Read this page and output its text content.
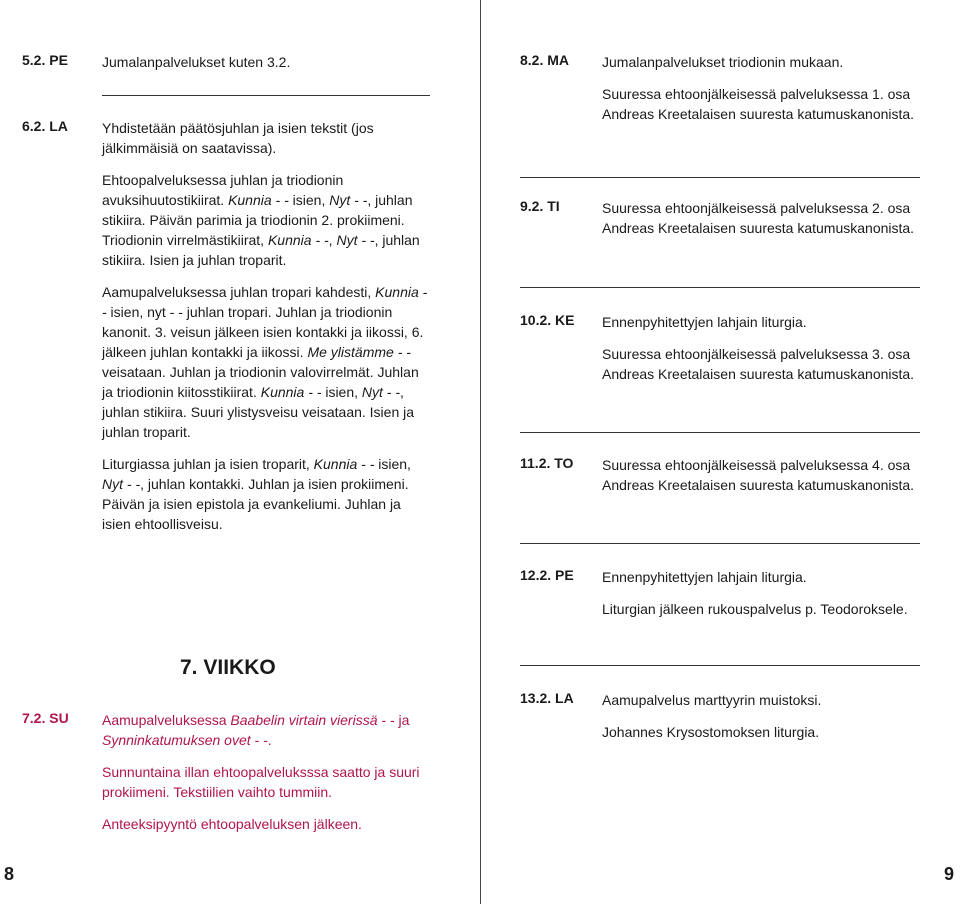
5.2. PE Jumalanpalvelukset kuten 3.2.
6.2. LA Yhdistetään päätösjuhlan ja isien tekstit (jos jälkimmäisiä on saatavissa).

Ehtoopalveluksessa juhlan ja triodionin avuksihuutostikiirat. Kunnia - - isien, Nyt - -, juhlan stikiira. Päivän parimia ja triodionin 2. prokiimeni. Triodionin virrelmästikiirat, Kunnia - -, Nyt - -, juhlan stikiira. Isien ja juhlan troparit.

Aamupalveluksessa juhlan tropari kahdesti, Kunnia - - isien, nyt - - juhlan tropari. Juhlan ja triodionin kanonit. 3. veisun jälkeen isien kontakki ja iikossi, 6. jälkeen juhlan kontakki ja iikossi. Me ylistämme - - veisataan. Juhlan ja triodionin valovirrelmät. Juhlan ja triodionin kiitosstikiirat. Kunnia - - isien, Nyt - -, juhlan stikiira. Suuri ylistysveisu veisataan. Isien ja juhlan troparit.

Liturgiassa juhlan ja isien troparit, Kunnia - - isien, Nyt - -, juhlan kontakki. Juhlan ja isien prokiimeni. Päivän ja isien epistola ja evankeliumi. Juhlan ja isien ehtoollisveisu.

7. VIIKKO
7.2. SU Aamupalveluksessa Baabelin virtain vierissä - - ja Synninkatumuksen ovet - -.

Sunnuntaina illan ehtoopalveluksssa saatto ja suuri prokiimeni. Tekstiilien vaihto tummiin.

Anteeksipyyntö ehtoopalveluksen jälkeen.

8
8.2. MA Jumalanpalvelukset triodionin mukaan.

Suuressa ehtoonjälkeisessä palveluksessa 1. osa Andreas Kreetalaisen suuresta katumuskanonista.

9.2. TI	Suuressa ehtoonjälkeisessä palveluksessa 2. osa Andreas Kreetalaisen suuresta katumuskanonista.

10.2. KE Ennenpyhitettyjen lahjain liturgia.

Suuressa ehtoonjälkeisessä palveluksessa 3. osa Andreas Kreetalaisen suuresta katumuskanonista.

11.2. TO Suuressa ehtoonjälkeisessä palveluksessa 4. osa Andreas Kreetalaisen suuresta katumuskanonista.

12.2. PE Ennenpyhitettyjen lahjain liturgia.

Liturgian jälkeen rukouspalvelus p. Teodoroksele.

13.2. LA Aamupalvelus marttyyrin muistoksi.

Johannes Krysostomoksen liturgia.

9
